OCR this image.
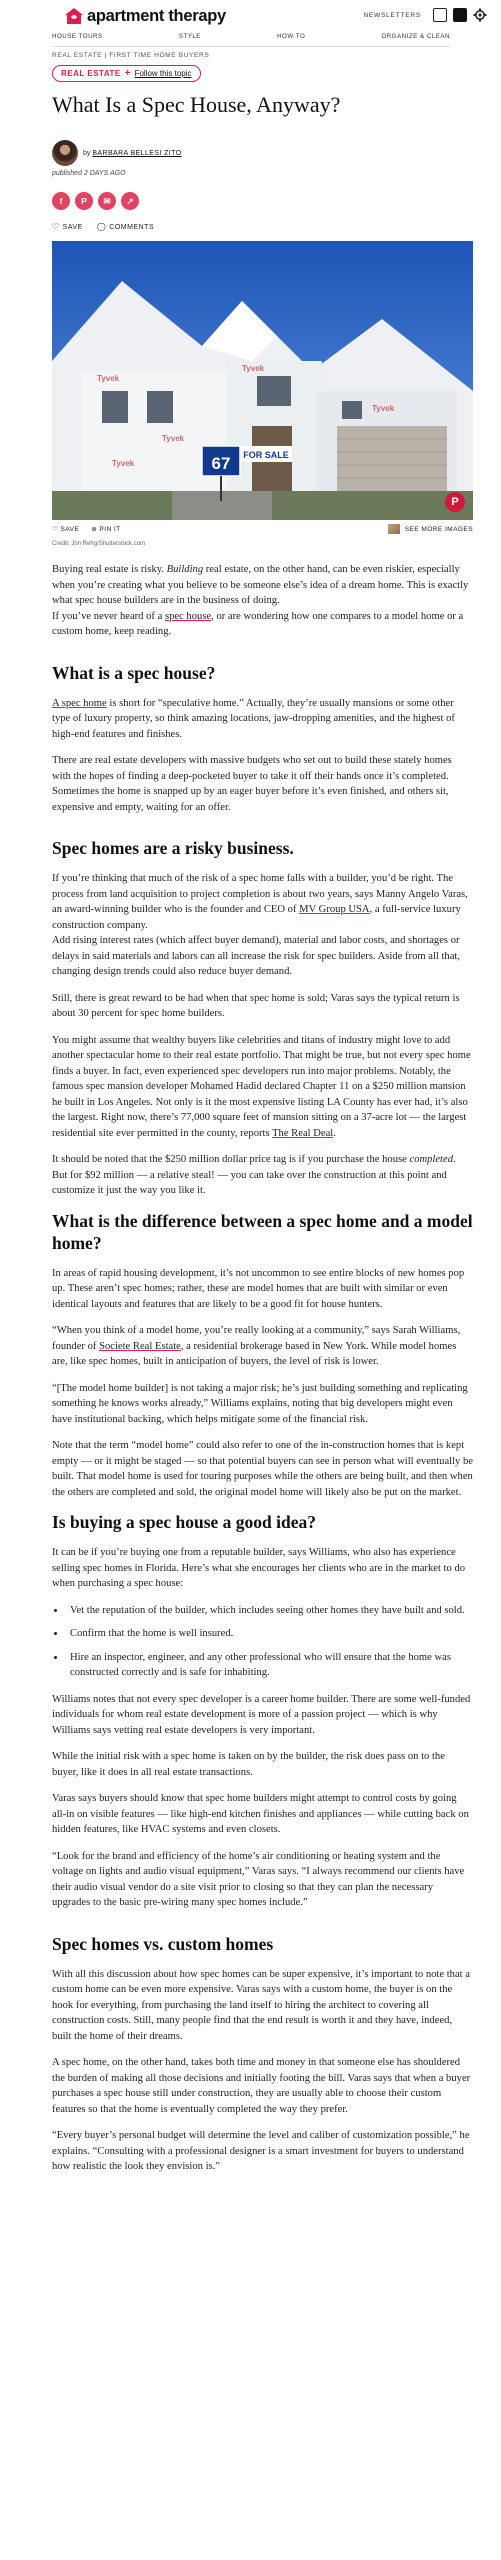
apartment therapy	NEWSLETTERS
HOUSE TOURS	STYLE	HOW TO	ORGANIZE & CLEAN
REAL ESTATE | FIRST TIME HOME BUYERS
REAL ESTATE + Follow this topic
What Is a Spec House, Anyway?
by BARBARA BELLESI ZITO
published 2 DAYS AGO
f	P	✉	↗
♡ SAVE ◯ COMMENTS
Tyvek
Tyvek
Tyvek
Tyvek
Tyvek	67 FOR SALE
P
♡ SAVE ⊕ PIN IT	SEE MORE IMAGES
Credit: Jon Rehg/Shutterstock.com

Buying real estate is risky. Building real estate, on the other hand, can be even riskier, especially when you’re creating what you believe to be someone else’s idea of a dream home. This is exactly what spec house builders are in the business of doing.

If you’ve never heard of a spec house, or are wondering how one compares to a model home or a custom home, keep reading.

What is a spec house?

A spec home is short for “speculative home.” Actually, they’re usually mansions or some other type of luxury property, so think amazing locations, jaw-dropping amenities, and the highest of high-end features and finishes.

There are real estate developers with massive budgets who set out to build these stately homes with the hopes of finding a deep-pocketed buyer to take it off their hands once it’s completed. Sometimes the home is snapped up by an eager buyer before it’s even finished, and others sit, expensive and empty, waiting for an offer.

Spec homes are a risky business.

If you’re thinking that much of the risk of a spec home falls with a builder, you’d be right. The process from land acquisition to project completion is about two years, says Manny Angelo Varas, an award-winning builder who is the founder and CEO of MV Group USA, a full-service luxury construction company.

Add rising interest rates (which affect buyer demand), material and labor costs, and shortages or delays in said materials and labors can all increase the risk for spec builders. Aside from all that, changing design trends could also reduce buyer demand.

Still, there is great reward to be had when that spec home is sold; Varas says the typical return is about 30 percent for spec home builders.

You might assume that wealthy buyers like celebrities and titans of industry might love to add another spectacular home to their real estate portfolio. That might be true, but not every spec home finds a buyer. In fact, even experienced spec developers run into major problems. Notably, the famous spec mansion developer Mohamed Hadid declared Chapter 11 on a $250 million mansion he built in Los Angeles. Not only is it the most expensive listing LA County has ever had, it’s also the largest. Right now, there’s 77,000 square feet of mansion sitting on a 37-acre lot — the largest residential site ever permitted in the county, reports The Real Deal.

It should be noted that the $250 million dollar price tag is if you purchase the house completed. But for $92 million — a relative steal! — you can take over the construction at this point and customize it just the way you like it.

What is the difference between a spec home and a model home?

In areas of rapid housing development, it’s not uncommon to see entire blocks of new homes pop up. These aren’t spec homes; rather, these are model homes that are built with similar or even identical layouts and features that are likely to be a good fit for house hunters.

“When you think of a model home, you’re really looking at a community,” says Sarah Williams, founder of Societe Real Estate, a residential brokerage based in New York. While model homes are, like spec homes, built in anticipation of buyers, the level of risk is lower.

“[The model home builder] is not taking a major risk; he’s just building something and replicating something he knows works already,” Williams explains, noting that big developers might even have institutional backing, which helps mitigate some of the financial risk.

Note that the term “model home” could also refer to one of the in-construction homes that is kept empty — or it might be staged — so that potential buyers can see in person what will eventually be built. That model home is used for touring purposes while the others are being built, and then when the others are completed and sold, the original model home will likely also be put on the market.

Is buying a spec house a good idea?

It can be if you’re buying one from a reputable builder, says Williams, who also has experience selling spec homes in Florida. Here’s what she encourages her clients who are in the market to do when purchasing a spec house:

• Vet the reputation of the builder, which includes seeing other homes they have built and sold.
• Confirm that the home is well insured.
• Hire an inspector, engineer, and any other professional who will ensure that the home was constructed correctly and is safe for inhabiting.

Williams notes that not every spec developer is a career home builder. There are some well-funded individuals for whom real estate development is more of a passion project — which is why Williams says vetting real estate developers is very important.

While the initial risk with a spec home is taken on by the builder, the risk does pass on to the buyer, like it does in all real estate transactions.

Varas says buyers should know that spec home builders might attempt to control costs by going all-in on visible features — like high-end kitchen finishes and appliances — while cutting back on hidden features, like HVAC systems and even closets.

“Look for the brand and efficiency of the home’s air conditioning or heating system and the voltage on lights and audio visual equipment,” Varas says. “I always recommend our clients have their audio visual vendor do a site visit prior to closing so that they can plan the necessary upgrades to the basic pre-wiring many spec homes include.”

Spec homes vs. custom homes

With all this discussion about how spec homes can be super expensive, it’s important to note that a custom home can be even more expensive. Varas says with a custom home, the buyer is on the hook for everything, from purchasing the land itself to hiring the architect to covering all construction costs. Still, many people find that the end result is worth it and they have, indeed, built the home of their dreams.

A spec home, on the other hand, takes both time and money in that someone else has shouldered the burden of making all those decisions and initially footing the bill. Varas says that when a buyer purchases a spec house still under construction, they are usually able to choose their custom features so that the home is eventually completed the way they prefer.

“Every buyer’s personal budget will determine the level and caliber of customization possible,” he explains. “Consulting with a professional designer is a smart investment for buyers to understand how realistic the look they envision is.”
